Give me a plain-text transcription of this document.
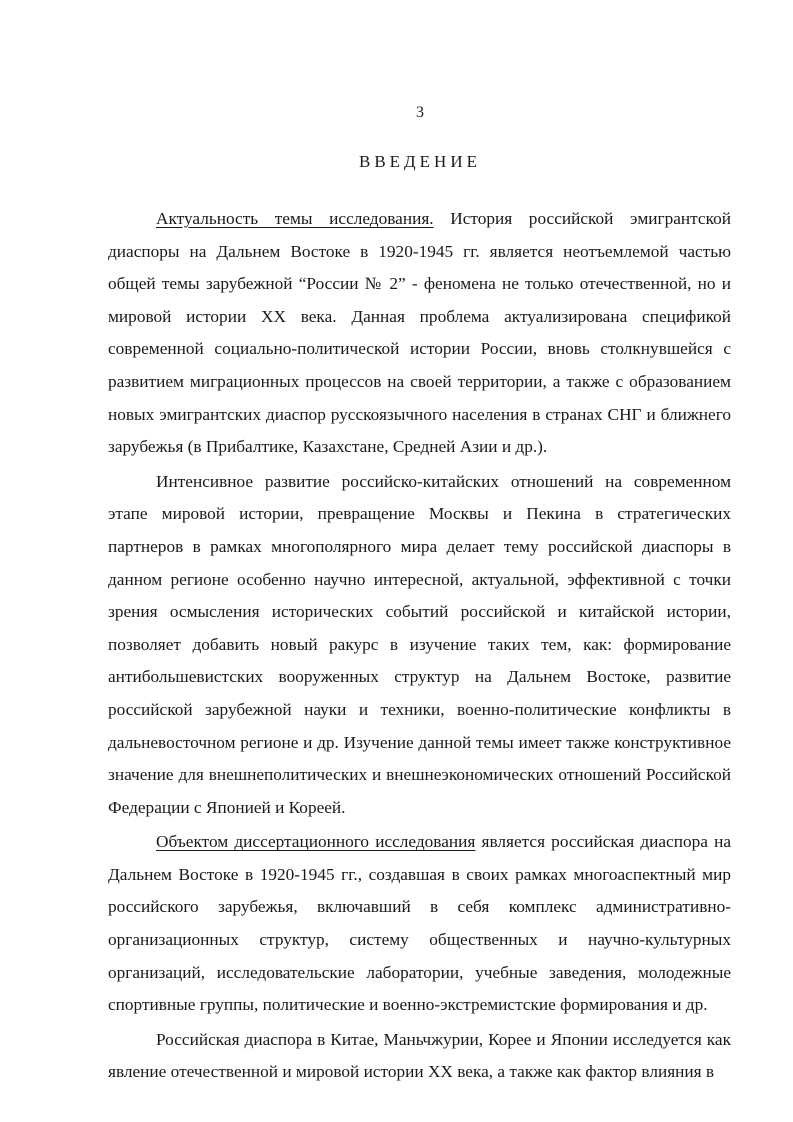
3
ВВЕДЕНИЕ

Актуальность темы исследования. История российской эмигрантской диаспоры на Дальнем Востоке в 1920-1945 гг. является неотъемлемой частью общей темы зарубежной “России № 2” - феномена не только отечественной, но и мировой истории XX века. Данная проблема актуализирована спецификой современной социально-политической истории России, вновь столкнувшейся с развитием миграционных процессов на своей территории, а также с образованием новых эмигрантских диаспор русскоязычного населения в странах СНГ и ближнего зарубежья (в Прибалтике, Казахстане, Средней Азии и др.).

Интенсивное развитие российско-китайских отношений на современном этапе мировой истории, превращение Москвы и Пекина в стратегических партнеров в рамках многополярного мира делает тему российской диаспоры в данном регионе особенно научно интересной, актуальной, эффективной с точки зрения осмысления исторических событий российской и китайской истории, позволяет добавить новый ракурс в изучение таких тем, как: формирование антибольшевистских вооруженных структур на Дальнем Востоке, развитие российской зарубежной науки и техники, военно-политические конфликты в дальневосточном регионе и др. Изучение данной темы имеет также конструктивное значение для внешнеполитических и внешнеэкономических отношений Российской Федерации с Японией и Кореей.

Объектом диссертационного исследования является российская диаспора на Дальнем Востоке в 1920-1945 гг., создавшая в своих рамках многоаспектный мир российского зарубежья, включавший в себя комплекс административно-организационных структур, систему общественных и научно-культурных организаций, исследовательские лаборатории, учебные заведения, молодежные спортивные группы, политические и военно-экстремистские формирования и др.

Российская диаспора в Китае, Маньчжурии, Корее и Японии исследуется как явление отечественной и мировой истории XX века, а также как фактор влияния в
